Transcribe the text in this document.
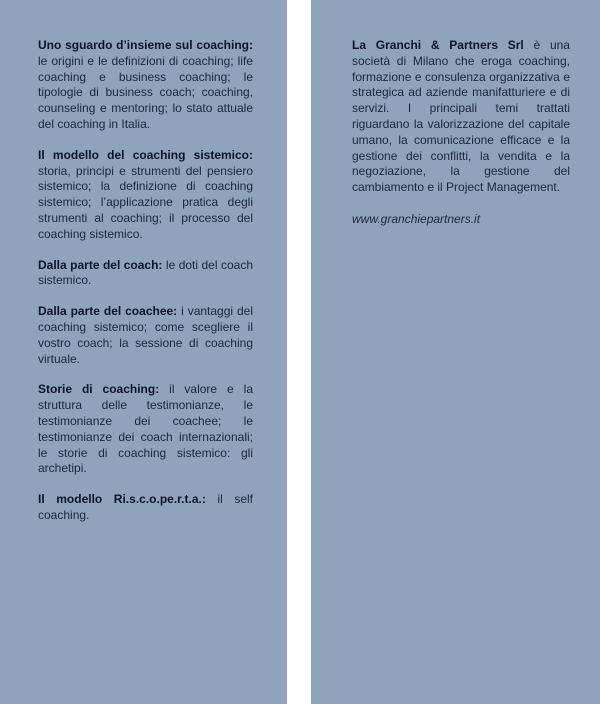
Uno sguardo d’insieme sul coaching: le origini e le definizioni di coaching; life coaching e business coaching; le tipologie di business coach; coaching, counseling e mentoring; lo stato attuale del coaching in Italia.

Il modello del coaching sistemico: storia, principi e strumenti del pensiero sistemico; la definizione di coaching sistemico; l’applicazione pratica degli strumenti al coaching; il processo del coaching sistemico.

Dalla parte del coach: le doti del coach sistemico.

Dalla parte del coachee: i vantaggi del coaching sistemico; come scegliere il vostro coach; la sessione di coaching virtuale.

Storie di coaching: il valore e la struttura delle testimonianze, le testimonianze dei coachee; le testimonianze dei coach internazionali; le storie di coaching sistemico: gli archetipi.

Il modello Ri.s.c.o.pe.r.t.a.: il self coaching.

La Granchi & Partners Srl è una società di Milano che eroga coaching, formazione e consulenza organizzativa e strategica ad aziende manifatturiere e di servizi. I principali temi trattati riguardano la valorizzazione del capitale umano, la comunicazione efficace e la gestione dei conflitti, la vendita e la negoziazione, la gestione del cambiamento e il Project Management.

www.granchiepartners.it
